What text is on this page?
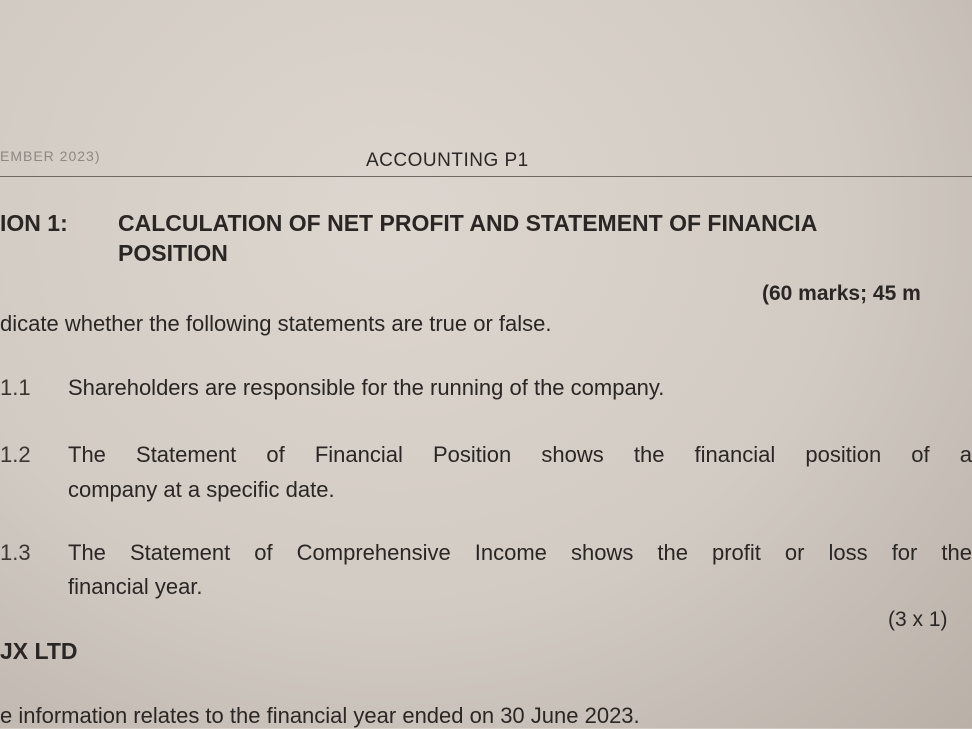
EMBER 2023)	ACCOUNTING P1
ION 1: CALCULATION OF NET PROFIT AND STATEMENT OF FINANCIA
POSITION
(60 marks; 45 m
dicate whether the following statements are true or false.
1.1 Shareholders are responsible for the running of the company.
1.2 The Statement of Financial Position shows the financial position of a
company at a specific date.
1.3 The Statement of Comprehensive Income shows the profit or loss for the
financial year.
(3 x 1)
JX LTD
e information relates to the financial year ended on 30 June 2023.
